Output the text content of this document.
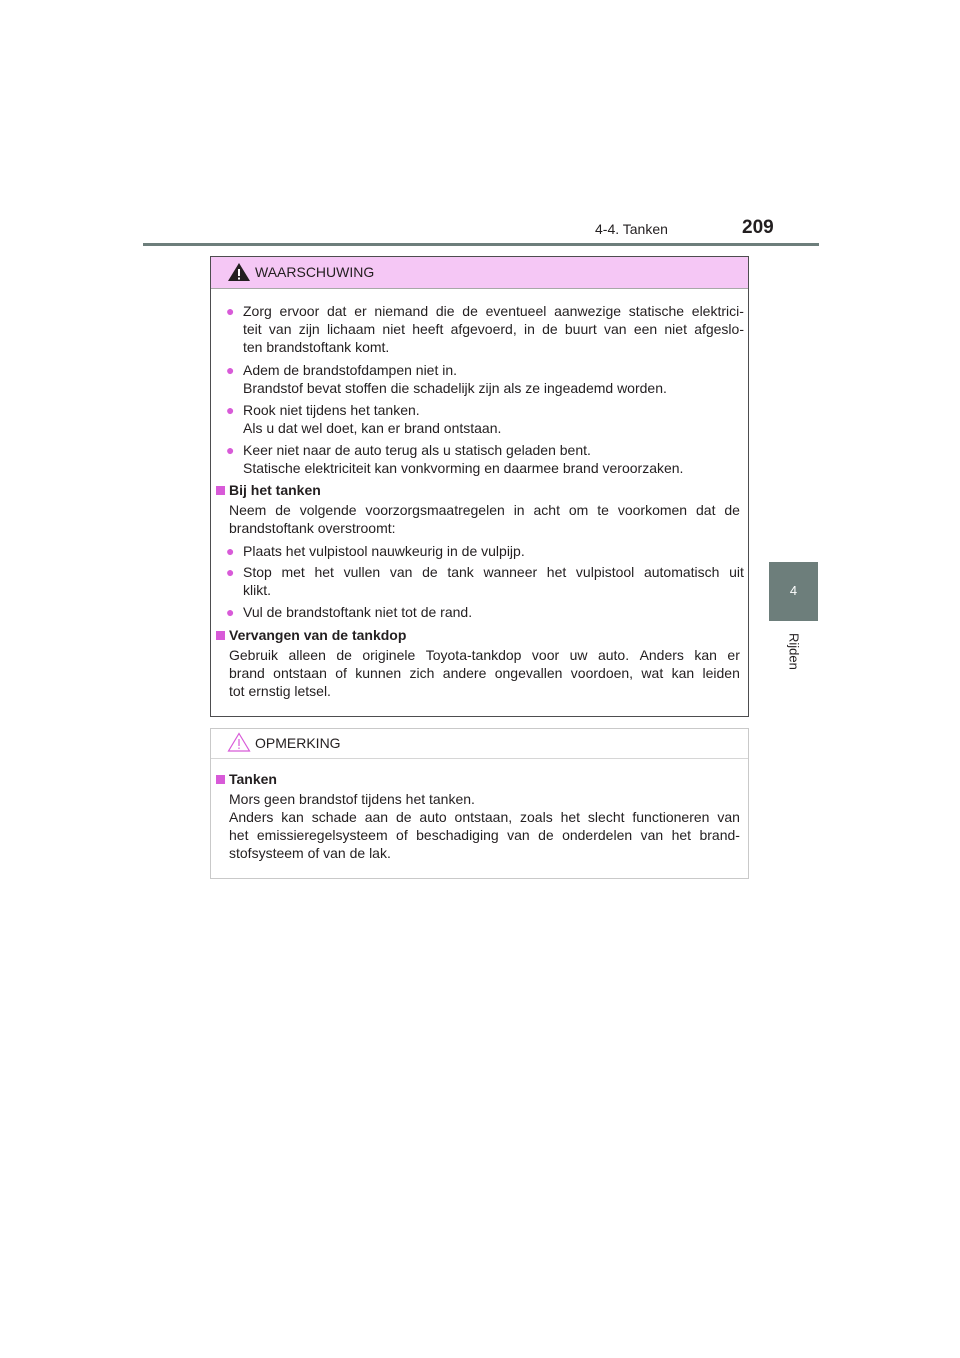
4-4. Tanken	209
4
Rijden
WAARSCHUWING
● Zorg ervoor dat er niemand die de eventueel aanwezige statische elektrici-
teit van zijn lichaam niet heeft afgevoerd, in de buurt van een niet afgeslo-
ten brandstoftank komt.
● Adem de brandstofdampen niet in.
Brandstof bevat stoffen die schadelijk zijn als ze ingeademd worden.
● Rook niet tijdens het tanken.
Als u dat wel doet, kan er brand ontstaan.
● Keer niet naar de auto terug als u statisch geladen bent.
Statische elektriciteit kan vonkvorming en daarmee brand veroorzaken.
Bij het tanken
Neem de volgende voorzorgsmaatregelen in acht om te voorkomen dat de
brandstoftank overstroomt:
● Plaats het vulpistool nauwkeurig in de vulpijp.
● Stop met het vullen van de tank wanneer het vulpistool automatisch uit
klikt.
● Vul de brandstoftank niet tot de rand.
Vervangen van de tankdop
Gebruik alleen de originele Toyota-tankdop voor uw auto. Anders kan er
brand ontstaan of kunnen zich andere ongevallen voordoen, wat kan leiden
tot ernstig letsel.
OPMERKING
Tanken
Mors geen brandstof tijdens het tanken.
Anders kan schade aan de auto ontstaan, zoals het slecht functioneren van
het emissieregelsysteem of beschadiging van de onderdelen van het brand-
stofsysteem of van de lak.
